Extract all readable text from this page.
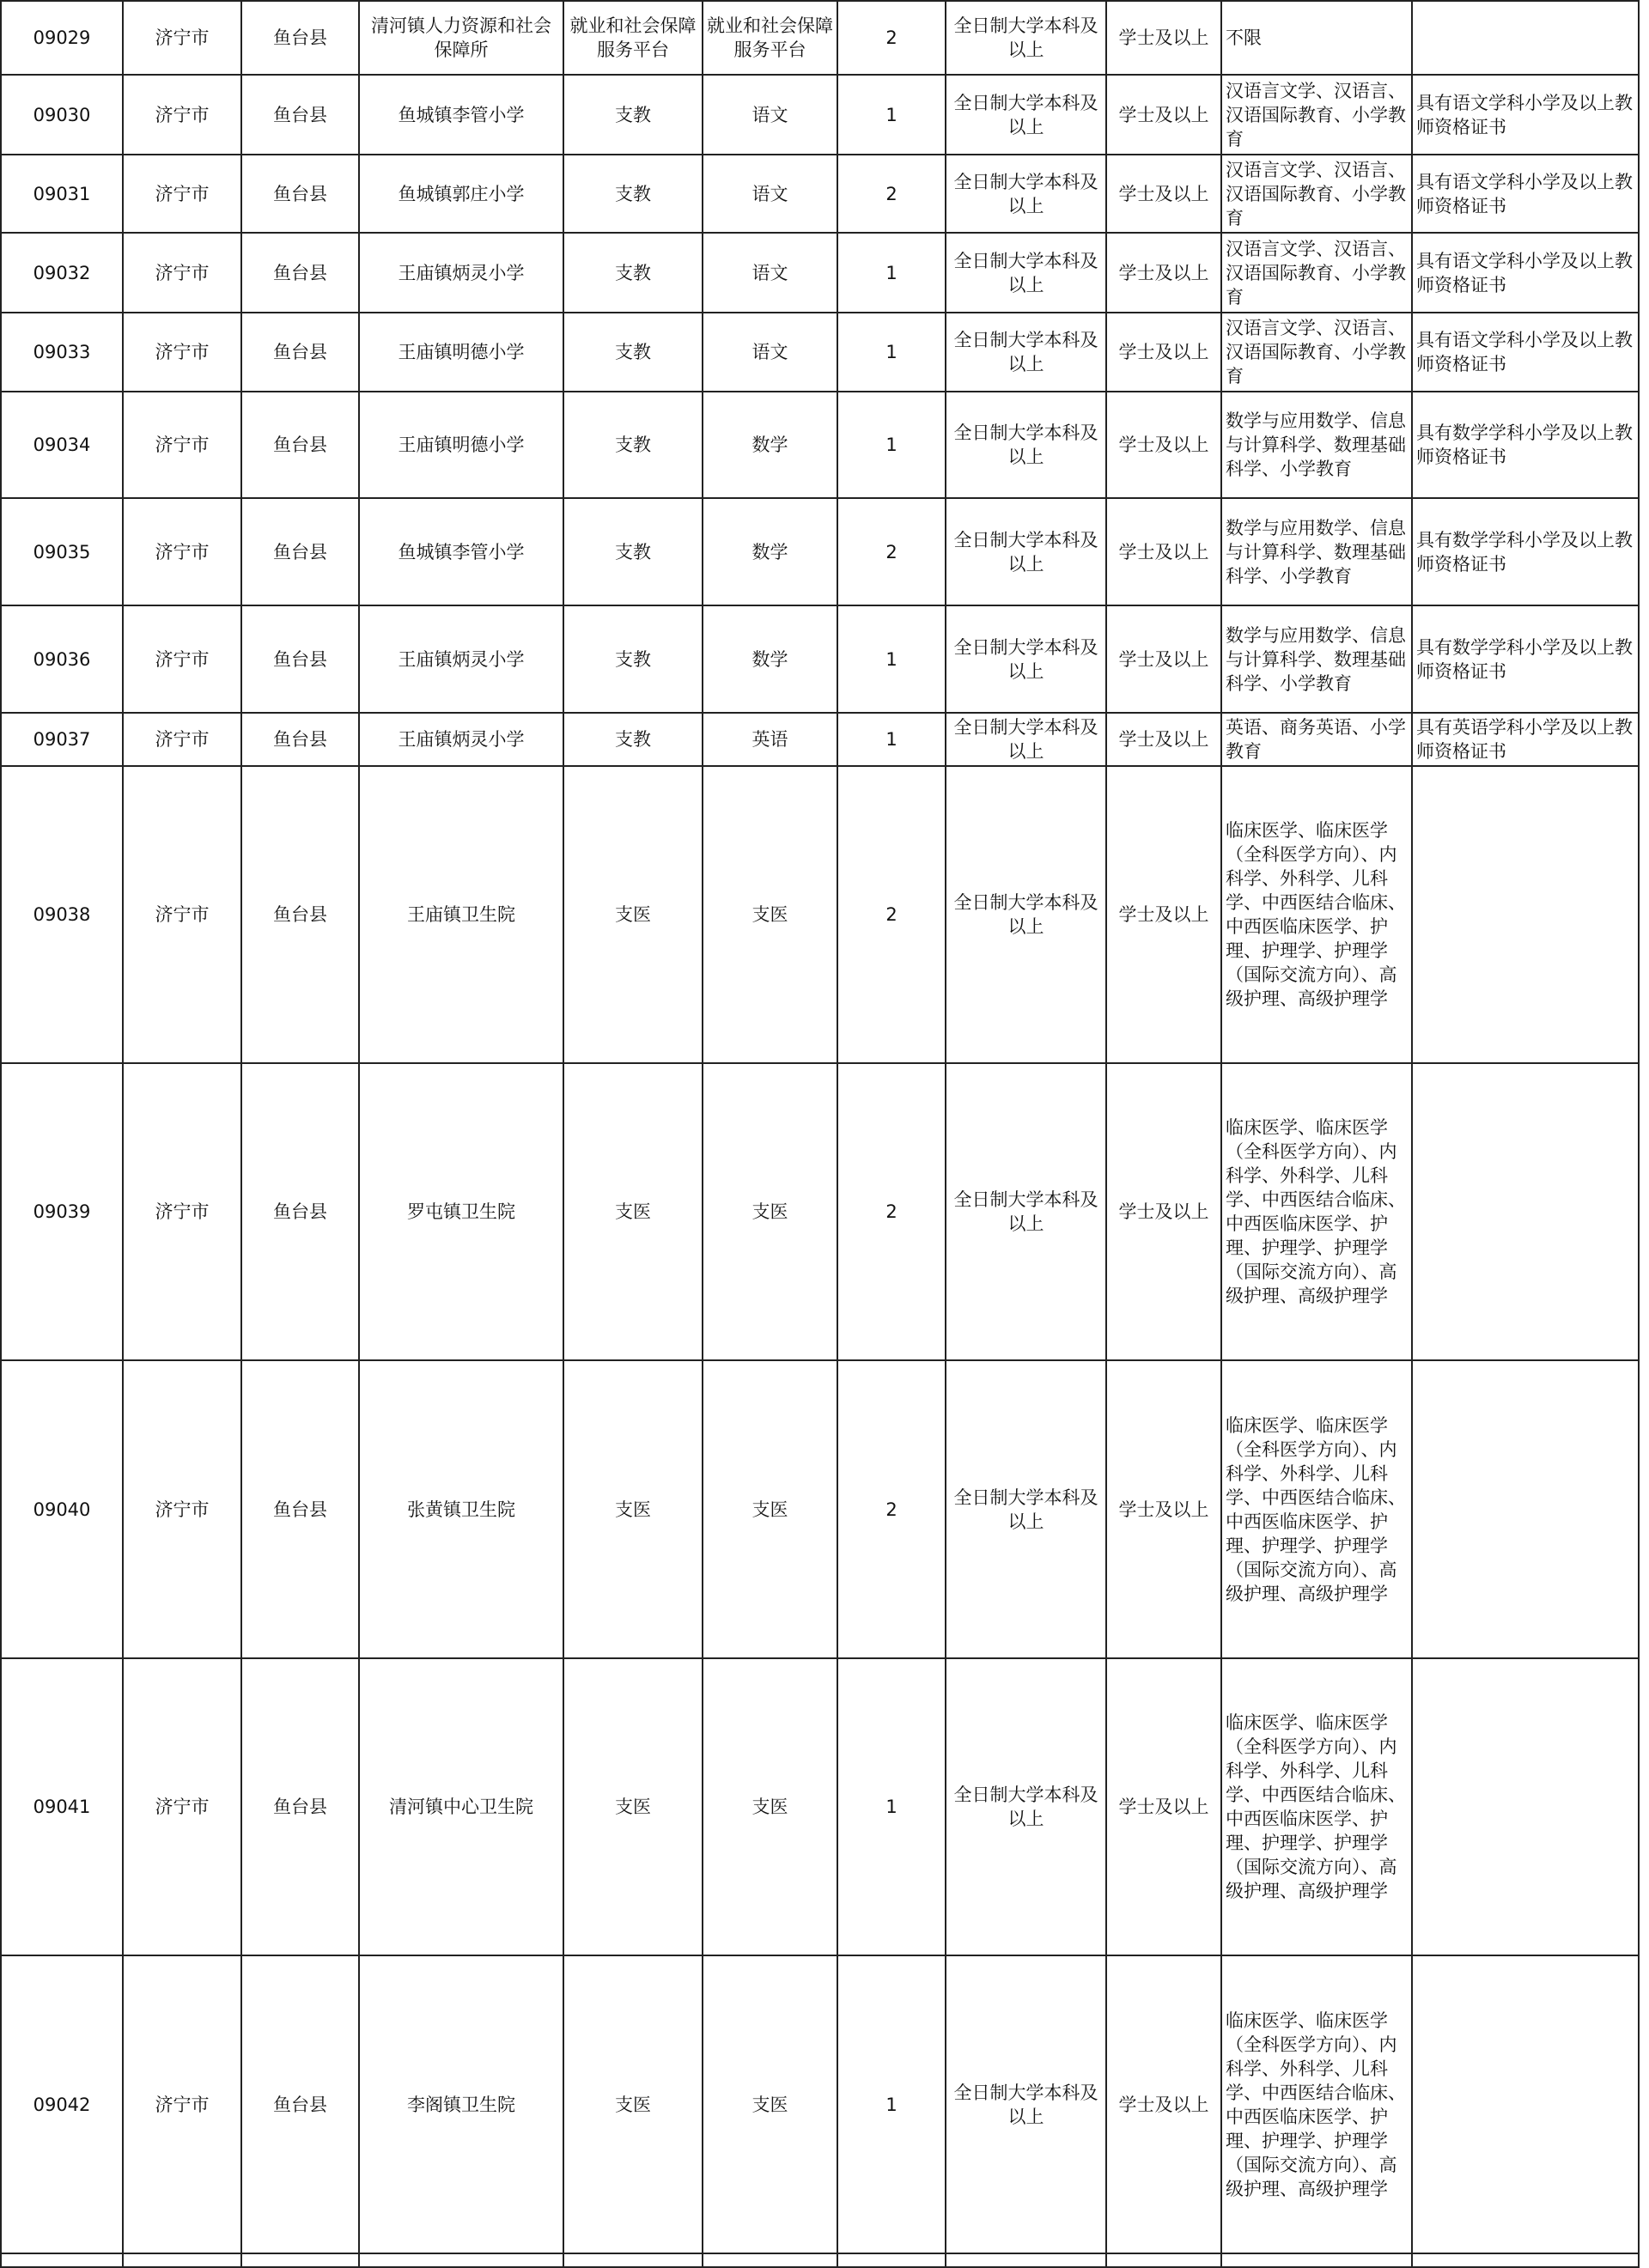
09029	济宁市	鱼台县	清河镇人力资源和社会保障所	就业和社会保障服务平台	就业和社会保障服务平台	2	全日制大学本科及以上	学士及以上	不限	
09030	济宁市	鱼台县	鱼城镇李管小学	支教	语文	1	全日制大学本科及以上	学士及以上	汉语言文学、汉语言、汉语国际教育、小学教育	具有语文学科小学及以上教师资格证书
09031	济宁市	鱼台县	鱼城镇郭庄小学	支教	语文	2	全日制大学本科及以上	学士及以上	汉语言文学、汉语言、汉语国际教育、小学教育	具有语文学科小学及以上教师资格证书
09032	济宁市	鱼台县	王庙镇炳灵小学	支教	语文	1	全日制大学本科及以上	学士及以上	汉语言文学、汉语言、汉语国际教育、小学教育	具有语文学科小学及以上教师资格证书
09033	济宁市	鱼台县	王庙镇明德小学	支教	语文	1	全日制大学本科及以上	学士及以上	汉语言文学、汉语言、汉语国际教育、小学教育	具有语文学科小学及以上教师资格证书
09034	济宁市	鱼台县	王庙镇明德小学	支教	数学	1	全日制大学本科及以上	学士及以上	数学与应用数学、信息与计算科学、数理基础科学、小学教育	具有数学学科小学及以上教师资格证书
09035	济宁市	鱼台县	鱼城镇李管小学	支教	数学	2	全日制大学本科及以上	学士及以上	数学与应用数学、信息与计算科学、数理基础科学、小学教育	具有数学学科小学及以上教师资格证书
09036	济宁市	鱼台县	王庙镇炳灵小学	支教	数学	1	全日制大学本科及以上	学士及以上	数学与应用数学、信息与计算科学、数理基础科学、小学教育	具有数学学科小学及以上教师资格证书
09037	济宁市	鱼台县	王庙镇炳灵小学	支教	英语	1	全日制大学本科及以上	学士及以上	英语、商务英语、小学教育	具有英语学科小学及以上教师资格证书
09038	济宁市	鱼台县	王庙镇卫生院	支医	支医	2	全日制大学本科及以上	学士及以上	临床医学、临床医学（全科医学方向）、内科学、外科学、儿科学、中西医结合临床、中西医临床医学、护理、护理学、护理学（国际交流方向）、高级护理、高级护理学	
09039	济宁市	鱼台县	罗屯镇卫生院	支医	支医	2	全日制大学本科及以上	学士及以上	临床医学、临床医学（全科医学方向）、内科学、外科学、儿科学、中西医结合临床、中西医临床医学、护理、护理学、护理学（国际交流方向）、高级护理、高级护理学	
09040	济宁市	鱼台县	张黄镇卫生院	支医	支医	2	全日制大学本科及以上	学士及以上	临床医学、临床医学（全科医学方向）、内科学、外科学、儿科学、中西医结合临床、中西医临床医学、护理、护理学、护理学（国际交流方向）、高级护理、高级护理学	
09041	济宁市	鱼台县	清河镇中心卫生院	支医	支医	1	全日制大学本科及以上	学士及以上	临床医学、临床医学（全科医学方向）、内科学、外科学、儿科学、中西医结合临床、中西医临床医学、护理、护理学、护理学（国际交流方向）、高级护理、高级护理学	
09042	济宁市	鱼台县	李阁镇卫生院	支医	支医	1	全日制大学本科及以上	学士及以上	临床医学、临床医学（全科医学方向）、内科学、外科学、儿科学、中西医结合临床、中西医临床医学、护理、护理学、护理学（国际交流方向）、高级护理、高级护理学	
